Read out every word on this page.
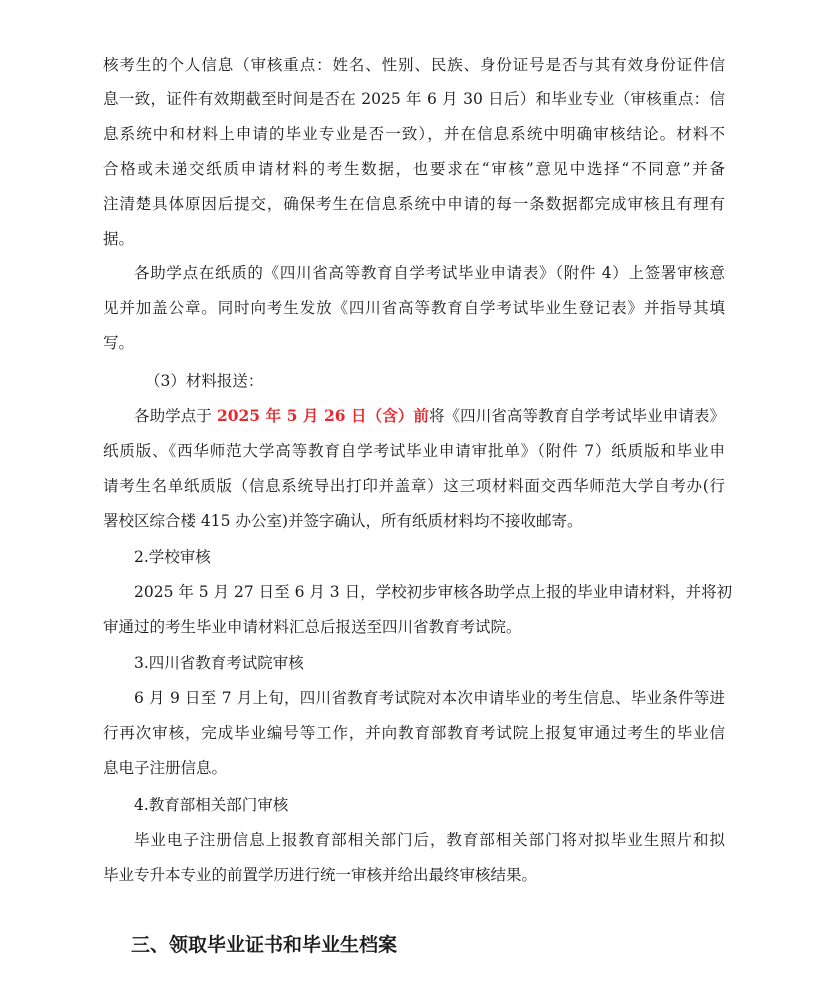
核考生的个人信息（审核重点：姓名、性别、民族、身份证号是否与其有效身份证件信
息一致，证件有效期截至时间是否在 2025 年 6 月 30 日后）和毕业专业（审核重点：信
息系统中和材料上申请的毕业专业是否一致），并在信息系统中明确审核结论。材料不
合格或未递交纸质申请材料的考生数据，也要求在“审核”意见中选择“不同意”并备
注清楚具体原因后提交，确保考生在信息系统中申请的每一条数据都完成审核且有理有
据。
各助学点在纸质的《四川省高等教育自学考试毕业申请表》（附件 4）上签署审核意
见并加盖公章。同时向考生发放《四川省高等教育自学考试毕业生登记表》并指导其填
写。
（3）材料报送：
各助学点于 2025 年 5 月 26 日（含）前将《四川省高等教育自学考试毕业申请表》
纸质版、《西华师范大学高等教育自学考试毕业申请审批单》（附件 7）纸质版和毕业申
请考生名单纸质版（信息系统导出打印并盖章）这三项材料面交西华师范大学自考办(行
署校区综合楼 415 办公室)并签字确认，所有纸质材料均不接收邮寄。
2.学校审核
2025 年 5 月 27 日至 6 月 3 日，学校初步审核各助学点上报的毕业申请材料，并将初
审通过的考生毕业申请材料汇总后报送至四川省教育考试院。
3.四川省教育考试院审核
6 月 9 日至 7 月上旬，四川省教育考试院对本次申请毕业的考生信息、毕业条件等进
行再次审核，完成毕业编号等工作，并向教育部教育考试院上报复审通过考生的毕业信
息电子注册信息。
4.教育部相关部门审核
毕业电子注册信息上报教育部相关部门后，教育部相关部门将对拟毕业生照片和拟
毕业专升本专业的前置学历进行统一审核并给出最终审核结果。
三、领取毕业证书和毕业生档案
